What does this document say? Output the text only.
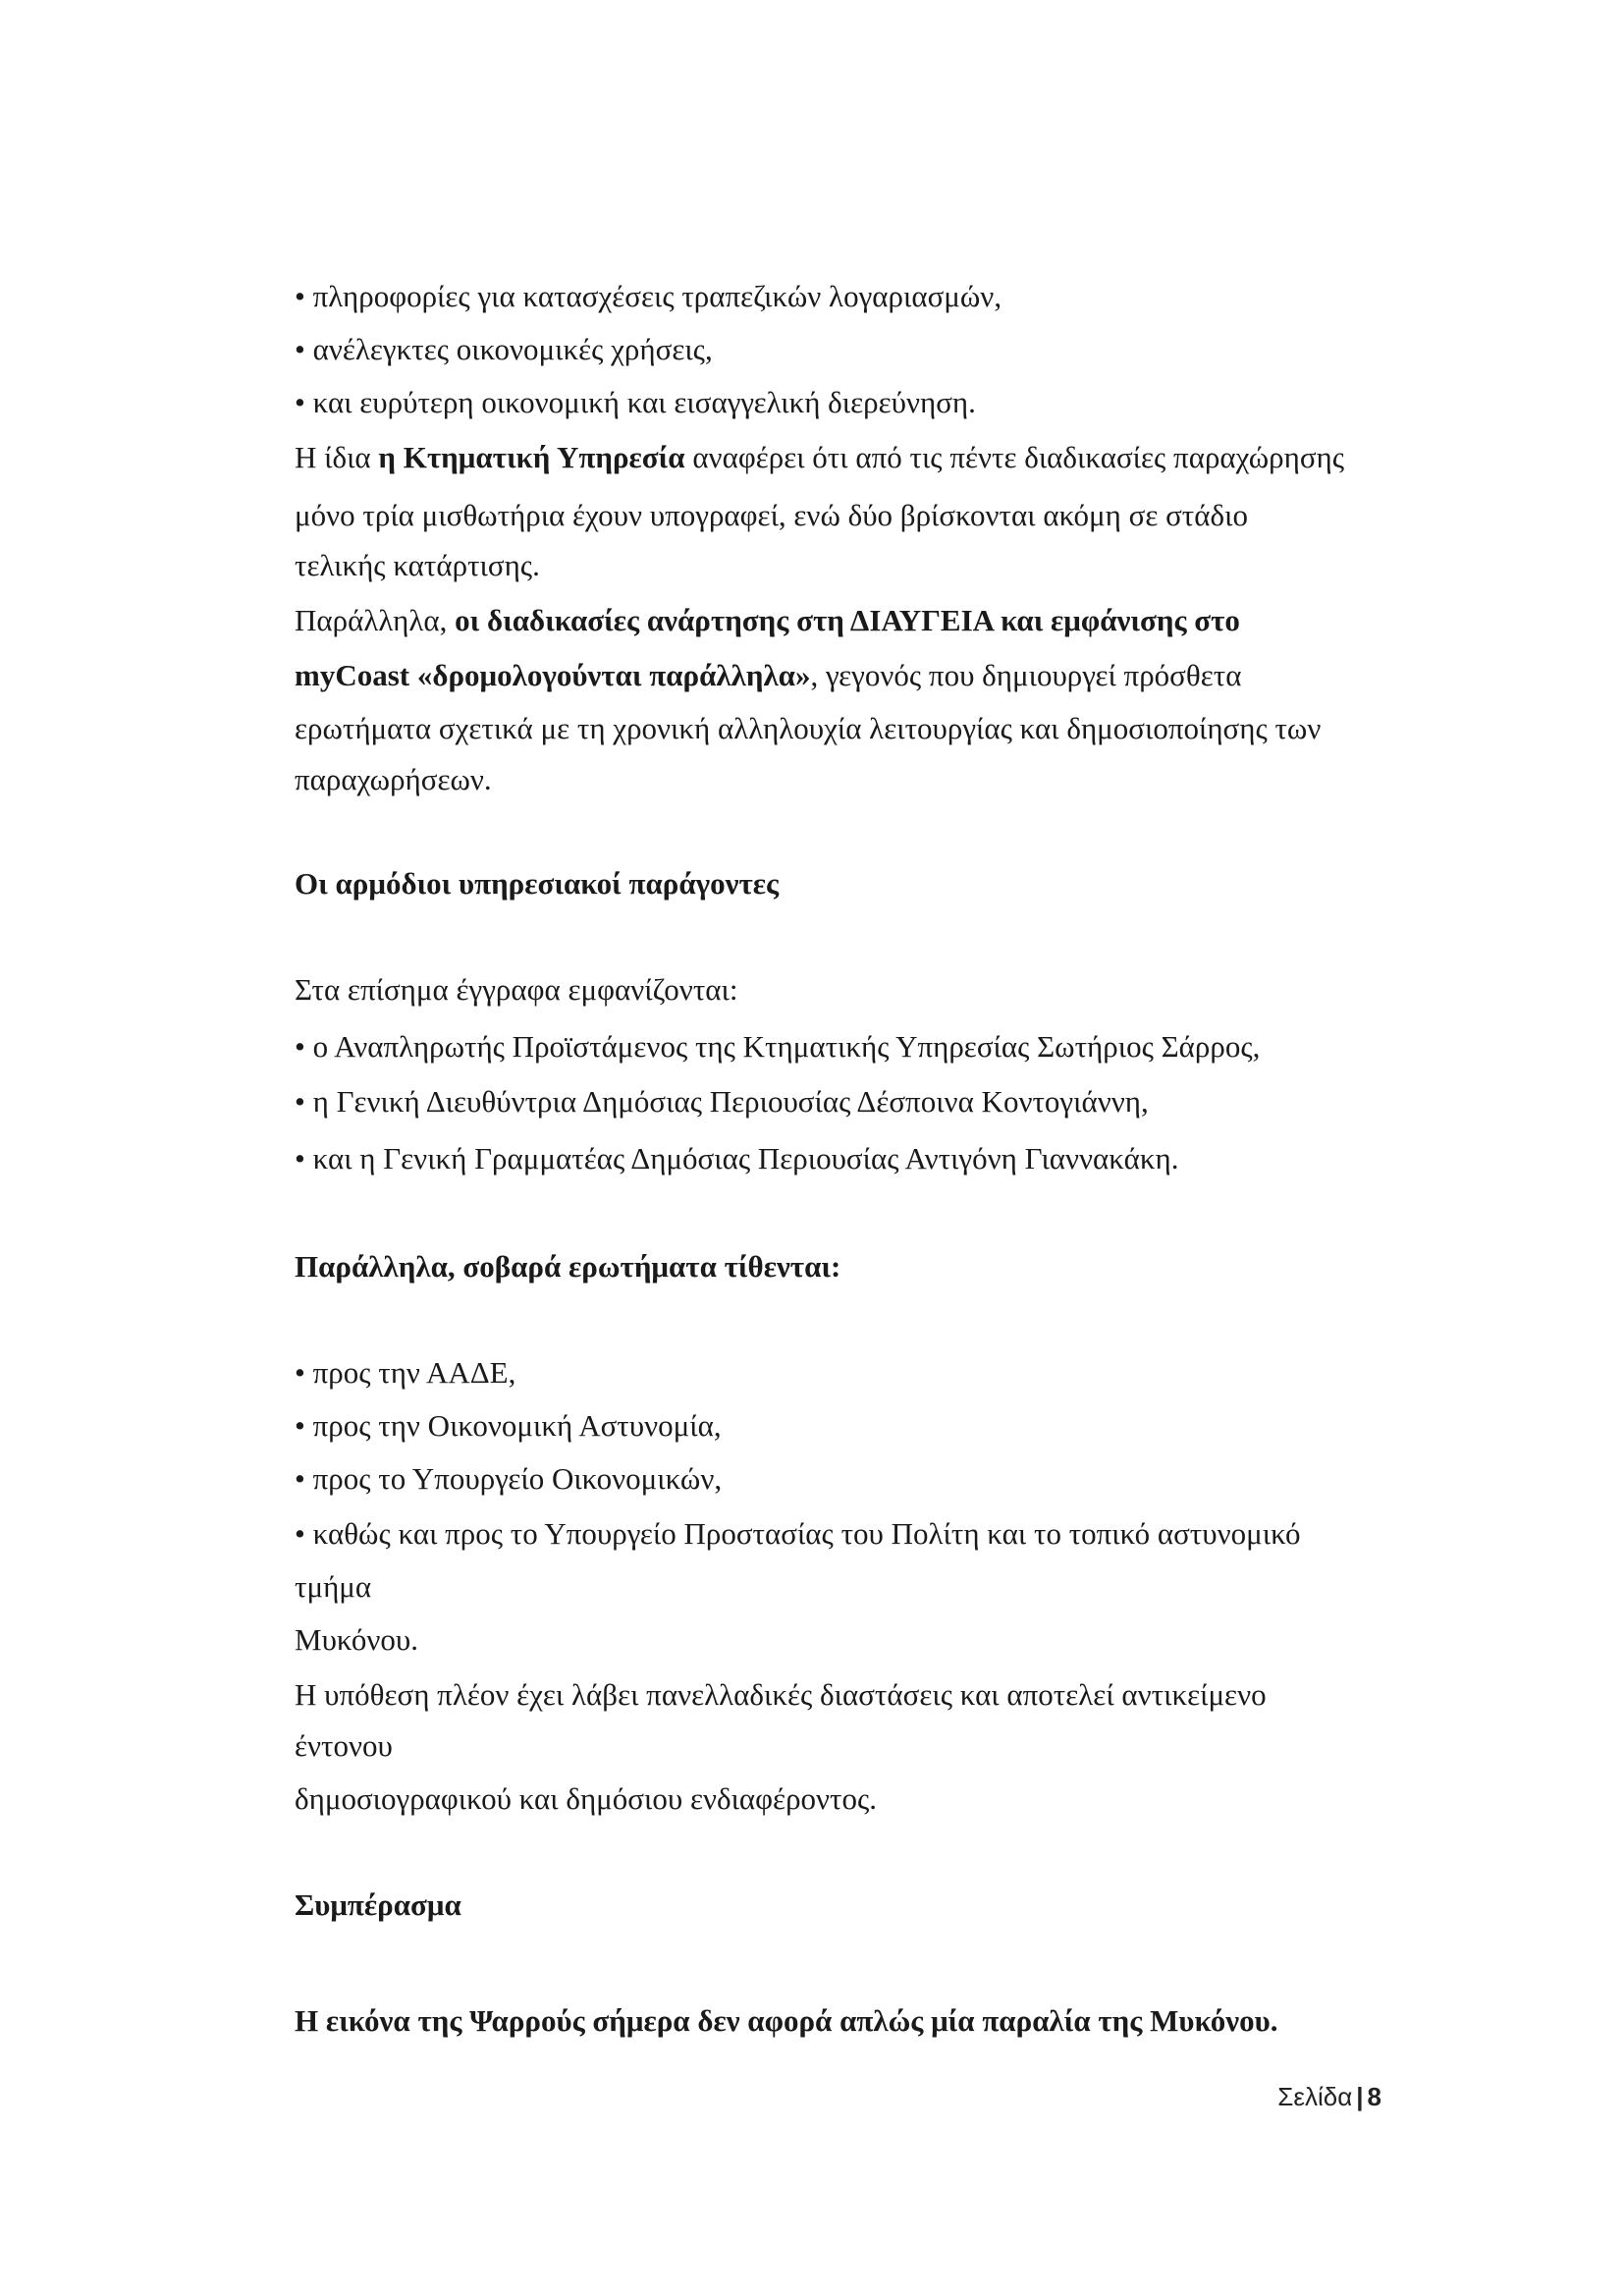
• πληροφορίες για κατασχέσεις τραπεζικών λογαριασμών,
• ανέλεγκτες οικονομικές χρήσεις,
• και ευρύτερη οικονομική και εισαγγελική διερεύνηση.
Η ίδια η Κτηματική Υπηρεσία αναφέρει ότι από τις πέντε διαδικασίες παραχώρησης
μόνο τρία μισθωτήρια έχουν υπογραφεί, ενώ δύο βρίσκονται ακόμη σε στάδιο
τελικής κατάρτισης.
Παράλληλα, οι διαδικασίες ανάρτησης στη ΔΙΑΥΓΕΙΑ και εμφάνισης στο
myCoast «δρομολογούνται παράλληλα», γεγονός που δημιουργεί πρόσθετα
ερωτήματα σχετικά με τη χρονική αλληλουχία λειτουργίας και δημοσιοποίησης των
παραχωρήσεων.
Οι αρμόδιοι υπηρεσιακοί παράγοντες
Στα επίσημα έγγραφα εμφανίζονται:
• ο Αναπληρωτής Προϊστάμενος της Κτηματικής Υπηρεσίας Σωτήριος Σάρρος,
• η Γενική Διευθύντρια Δημόσιας Περιουσίας Δέσποινα Κοντογιάννη,
• και η Γενική Γραμματέας Δημόσιας Περιουσίας Αντιγόνη Γιαννακάκη.
Παράλληλα, σοβαρά ερωτήματα τίθενται:
• προς την ΑΑΔΕ,
• προς την Οικονομική Αστυνομία,
• προς το Υπουργείο Οικονομικών,
• καθώς και προς το Υπουργείο Προστασίας του Πολίτη και το τοπικό αστυνομικό
τμήμα
Μυκόνου.
Η υπόθεση πλέον έχει λάβει πανελλαδικές διαστάσεις και αποτελεί αντικείμενο
έντονου
δημοσιογραφικού και δημόσιου ενδιαφέροντος.
Συμπέρασμα
Η εικόνα της Ψαρρούς σήμερα δεν αφορά απλώς μία παραλία της Μυκόνου.
Σελίδα | 8
